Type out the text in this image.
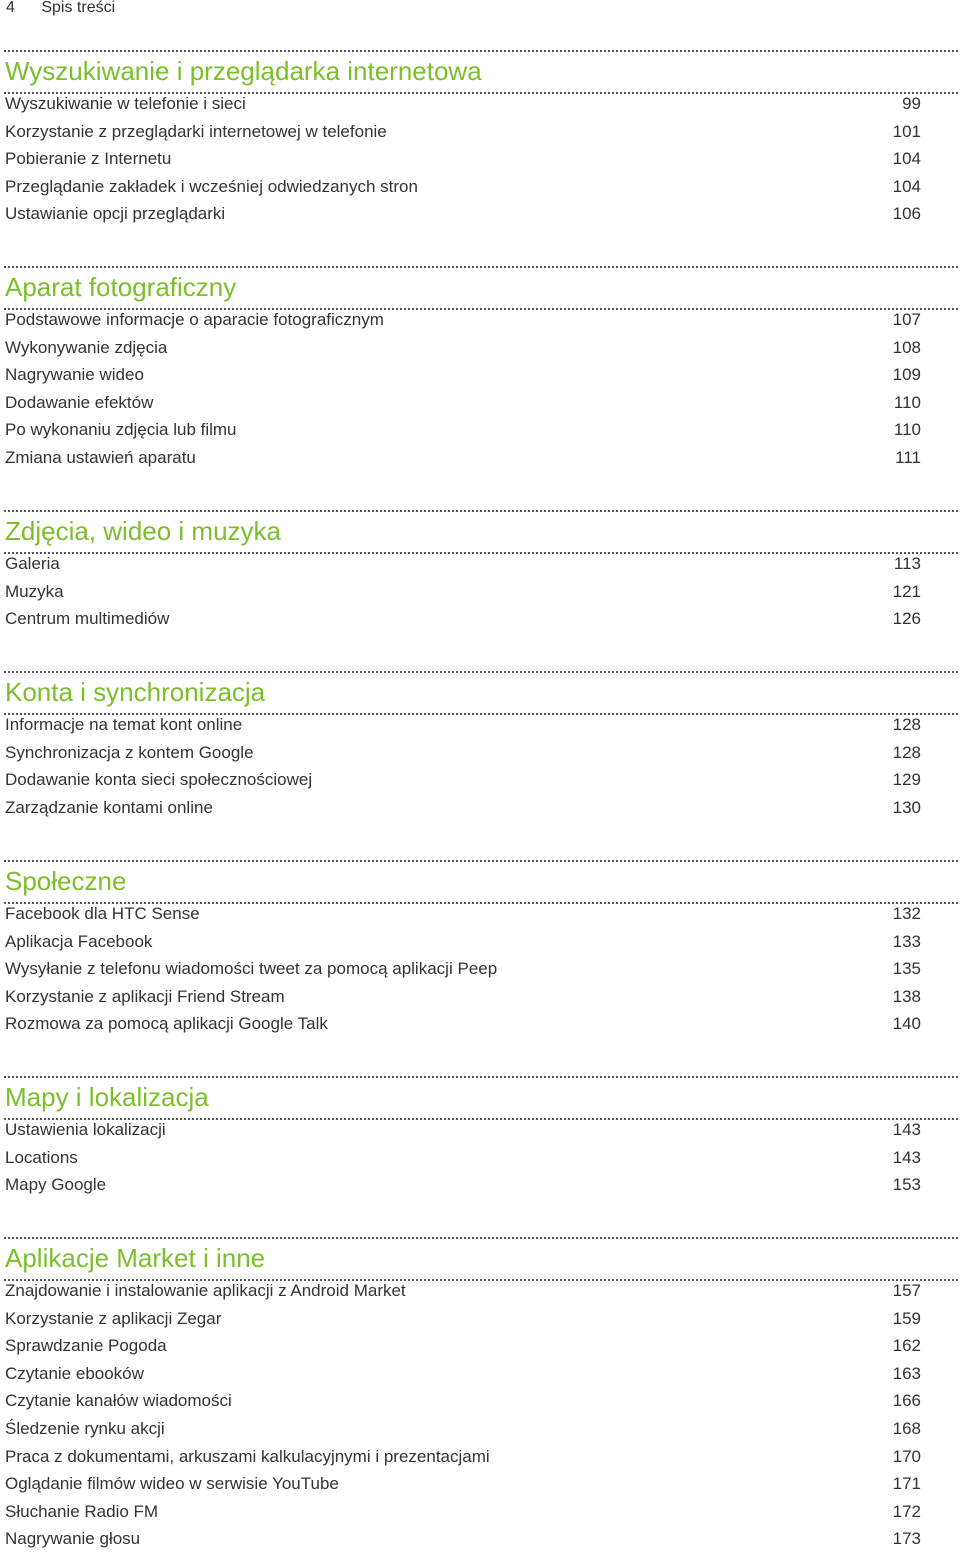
4 Spis treści
Wyszukiwanie i przeglądarka internetowa
Wyszukiwanie w telefonie i sieci	99
Korzystanie z przeglądarki internetowej w telefonie	101
Pobieranie z Internetu	104
Przeglądanie zakładek i wcześniej odwiedzanych stron	104
Ustawianie opcji przeglądarki	106
Aparat fotograficzny
Podstawowe informacje o aparacie fotograficznym	107
Wykonywanie zdjęcia	108
Nagrywanie wideo	109
Dodawanie efektów	110
Po wykonaniu zdjęcia lub filmu	110
Zmiana ustawień aparatu	111
Zdjęcia, wideo i muzyka
Galeria	113
Muzyka	121
Centrum multimediów	126
Konta i synchronizacja
Informacje na temat kont online	128
Synchronizacja z kontem Google	128
Dodawanie konta sieci społecznościowej	129
Zarządzanie kontami online	130
Społeczne
Facebook dla HTC Sense	132
Aplikacja Facebook	133
Wysyłanie z telefonu wiadomości tweet za pomocą aplikacji Peep	135
Korzystanie z aplikacji Friend Stream	138
Rozmowa za pomocą aplikacji Google Talk	140
Mapy i lokalizacja
Ustawienia lokalizacji	143
Locations	143
Mapy Google	153
Aplikacje Market i inne
Znajdowanie i instalowanie aplikacji z Android Market	157
Korzystanie z aplikacji Zegar	159
Sprawdzanie Pogoda	162
Czytanie ebooków	163
Czytanie kanałów wiadomości	166
Śledzenie rynku akcji	168
Praca z dokumentami, arkuszami kalkulacyjnymi i prezentacjami	170
Oglądanie filmów wideo w serwisie YouTube	171
Słuchanie Radio FM	172
Nagrywanie głosu	173
